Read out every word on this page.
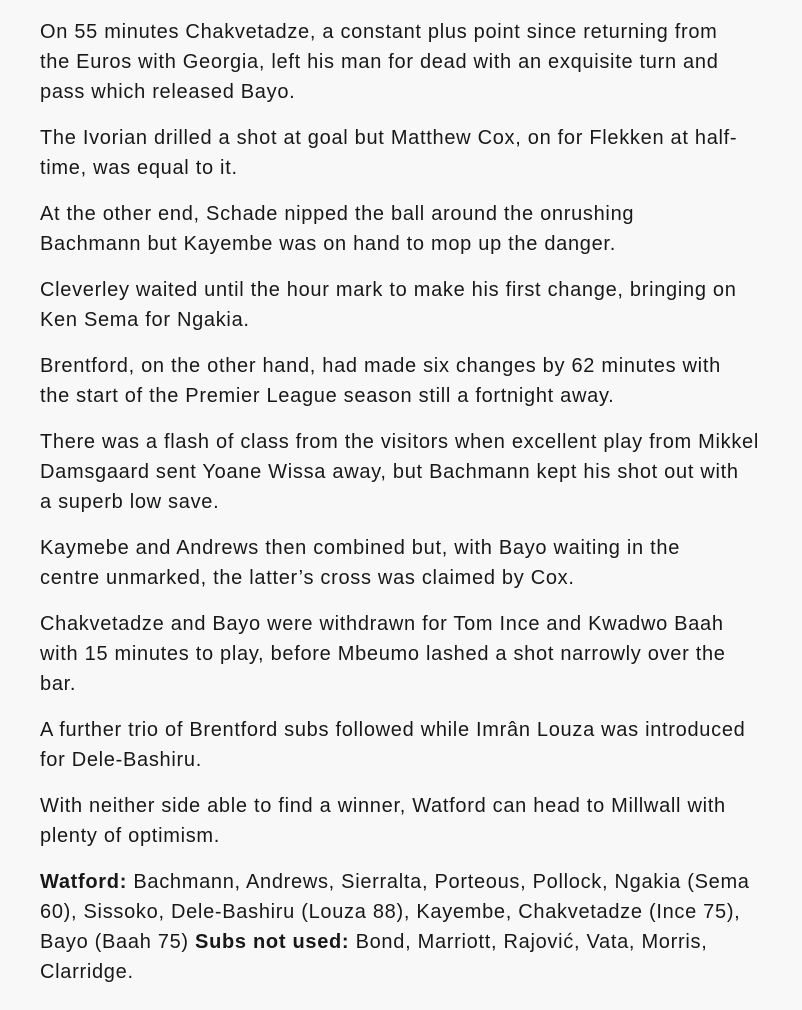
On 55 minutes Chakvetadze, a constant plus point since returning from
the Euros with Georgia, left his man for dead with an exquisite turn and
pass which released Bayo.

The Ivorian drilled a shot at goal but Matthew Cox, on for Flekken at half-
time, was equal to it.

At the other end, Schade nipped the ball around the onrushing
Bachmann but Kayembe was on hand to mop up the danger.

Cleverley waited until the hour mark to make his first change, bringing on
Ken Sema for Ngakia.

Brentford, on the other hand, had made six changes by 62 minutes with
the start of the Premier League season still a fortnight away.

There was a flash of class from the visitors when excellent play from Mikkel
Damsgaard sent Yoane Wissa away, but Bachmann kept his shot out with
a superb low save.

Kaymebe and Andrews then combined but, with Bayo waiting in the
centre unmarked, the latter’s cross was claimed by Cox.

Chakvetadze and Bayo were withdrawn for Tom Ince and Kwadwo Baah
with 15 minutes to play, before Mbeumo lashed a shot narrowly over the
bar.

A further trio of Brentford subs followed while Imrân Louza was introduced
for Dele-Bashiru.

With neither side able to find a winner, Watford can head to Millwall with
plenty of optimism.

Watford: Bachmann, Andrews, Sierralta, Porteous, Pollock, Ngakia (Sema
60), Sissoko, Dele-Bashiru (Louza 88), Kayembe, Chakvetadze (Ince 75),
Bayo (Baah 75) Subs not used: Bond, Marriott, Rajović, Vata, Morris,
Clarridge.
